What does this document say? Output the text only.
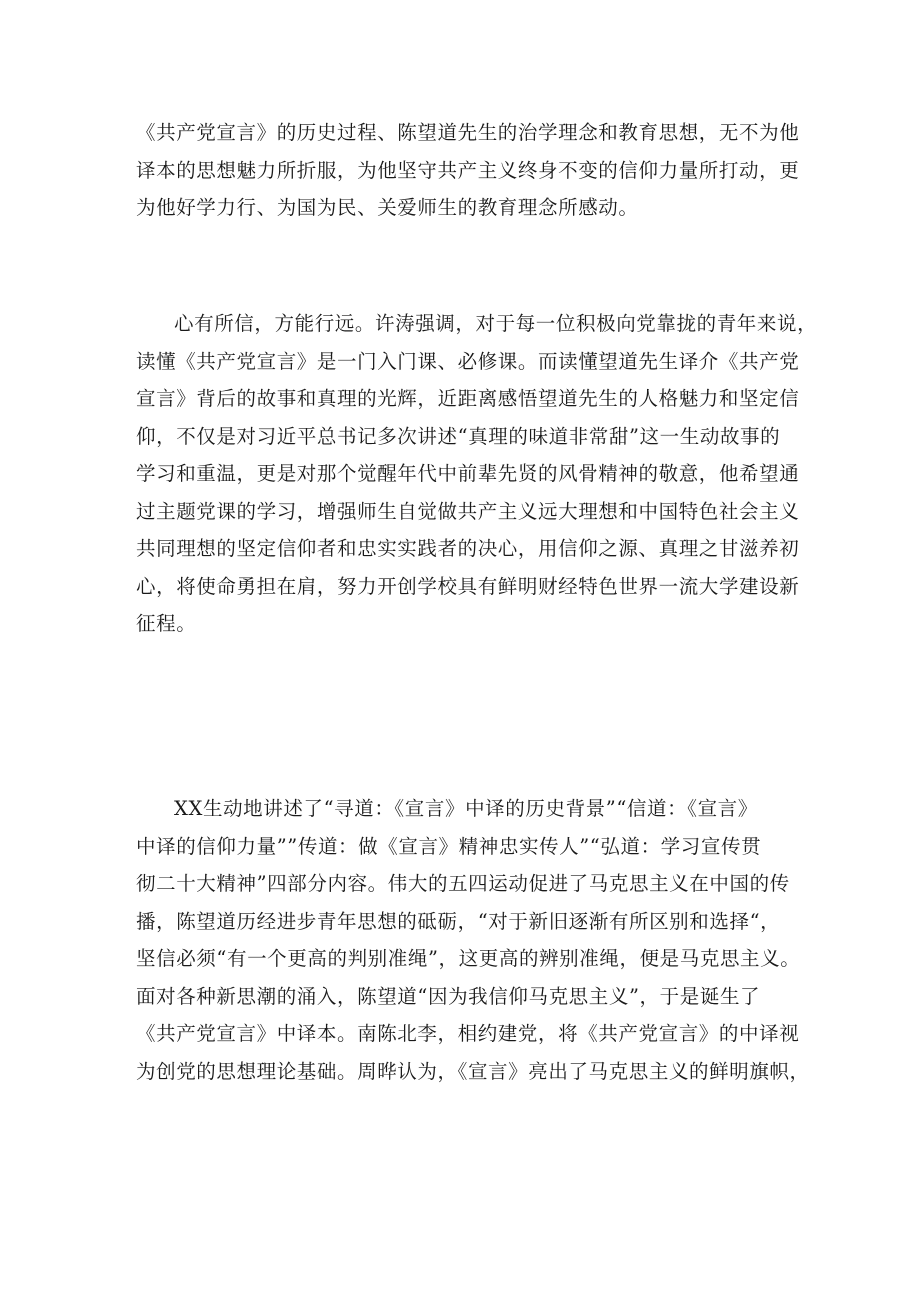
《共产党宣言》的历史过程、陈望道先生的治学理念和教育思想，无不为他
译本的思想魅力所折服，为他坚守共产主义终身不变的信仰力量所打动，更
为他好学力行、为国为民、关爱师生的教育理念所感动。
心有所信，方能行远。许涛强调，对于每一位积极向党靠拢的青年来说，
读懂《共产党宣言》是一门入门课、必修课。而读懂望道先生译介《共产党
宣言》背后的故事和真理的光辉，近距离感悟望道先生的人格魅力和坚定信
仰，不仅是对习近平总书记多次讲述“真理的味道非常甜”这一生动故事的
学习和重温，更是对那个觉醒年代中前辈先贤的风骨精神的敬意，他希望通
过主题党课的学习，增强师生自觉做共产主义远大理想和中国特色社会主义
共同理想的坚定信仰者和忠实实践者的决心，用信仰之源、真理之甘滋养初
心，将使命勇担在肩，努力开创学校具有鲜明财经特色世界一流大学建设新
征程。
XX生动地讲述了“寻道：《宣言》中译的历史背景”“信道：《宣言》
中译的信仰力量””传道：做《宣言》精神忠实传人”“弘道：学习宣传贯
彻二十大精神”四部分内容。伟大的五四运动促进了马克思主义在中国的传
播，陈望道历经进步青年思想的砥砺，“对于新旧逐渐有所区别和选择“，
坚信必须“有一个更高的判别准绳”，这更高的辨别准绳，便是马克思主义。
面对各种新思潮的涌入，陈望道“因为我信仰马克思主义”，于是诞生了
《共产党宣言》中译本。南陈北李，相约建党，将《共产党宣言》的中译视
为创党的思想理论基础。周晔认为，《宣言》亮出了马克思主义的鲜明旗帜，
